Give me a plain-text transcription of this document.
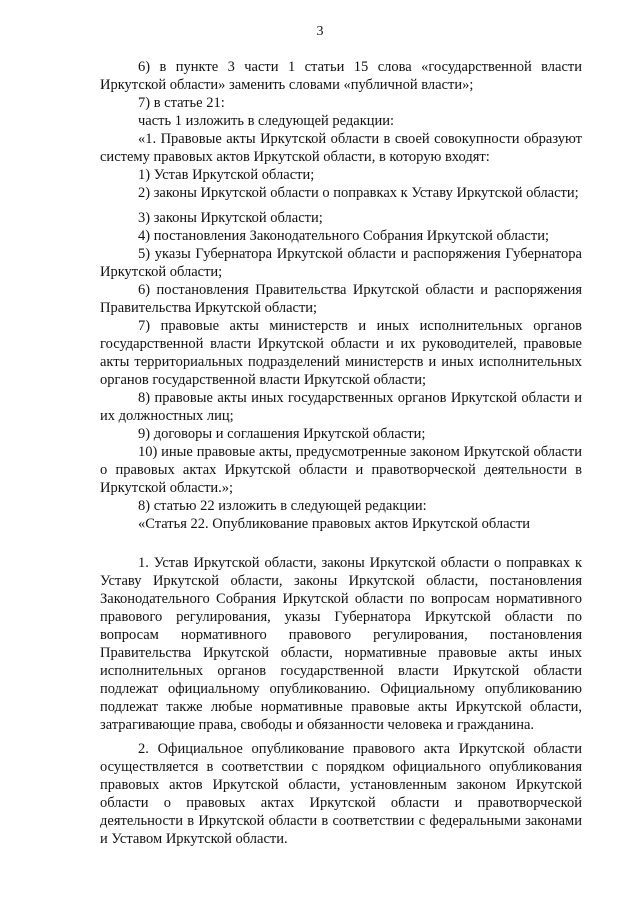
3

6) в пункте 3 части 1 статьи 15 слова «государственной власти Иркутской области» заменить словами «публичной власти»;

7) в статье 21:

часть 1 изложить в следующей редакции:

«1. Правовые акты Иркутской области в своей совокупности образуют систему правовых актов Иркутской области, в которую входят:

1) Устав Иркутской области;

2) законы Иркутской области о поправках к Уставу Иркутской области;

3) законы Иркутской области;

4) постановления Законодательного Собрания Иркутской области;

5) указы Губернатора Иркутской области и распоряжения Губернатора Иркутской области;

6) постановления Правительства Иркутской области и распоряжения Правительства Иркутской области;

7) правовые акты министерств и иных исполнительных органов государственной власти Иркутской области и их руководителей, правовые акты территориальных подразделений министерств и иных исполнительных органов государственной власти Иркутской области;

8) правовые акты иных государственных органов Иркутской области и их должностных лиц;

9) договоры и соглашения Иркутской области;

10) иные правовые акты, предусмотренные законом Иркутской области о правовых актах Иркутской области и правотворческой деятельности в Иркутской области.»;

8) статью 22 изложить в следующей редакции:

«Статья 22. Опубликование правовых актов Иркутской области

1. Устав Иркутской области, законы Иркутской области о поправках к Уставу Иркутской области, законы Иркутской области, постановления Законодательного Собрания Иркутской области по вопросам нормативного правового регулирования, указы Губернатора Иркутской области по вопросам нормативного правового регулирования, постановления Правительства Иркутской области, нормативные правовые акты иных исполнительных органов государственной власти Иркутской области подлежат официальному опубликованию. Официальному опубликованию подлежат также любые нормативные правовые акты Иркутской области, затрагивающие права, свободы и обязанности человека и гражданина.

2. Официальное опубликование правового акта Иркутской области осуществляется в соответствии с порядком официального опубликования правовых актов Иркутской области, установленным законом Иркутской области о правовых актах Иркутской области и правотворческой деятельности в Иркутской области в соответствии с федеральными законами и Уставом Иркутской области.
